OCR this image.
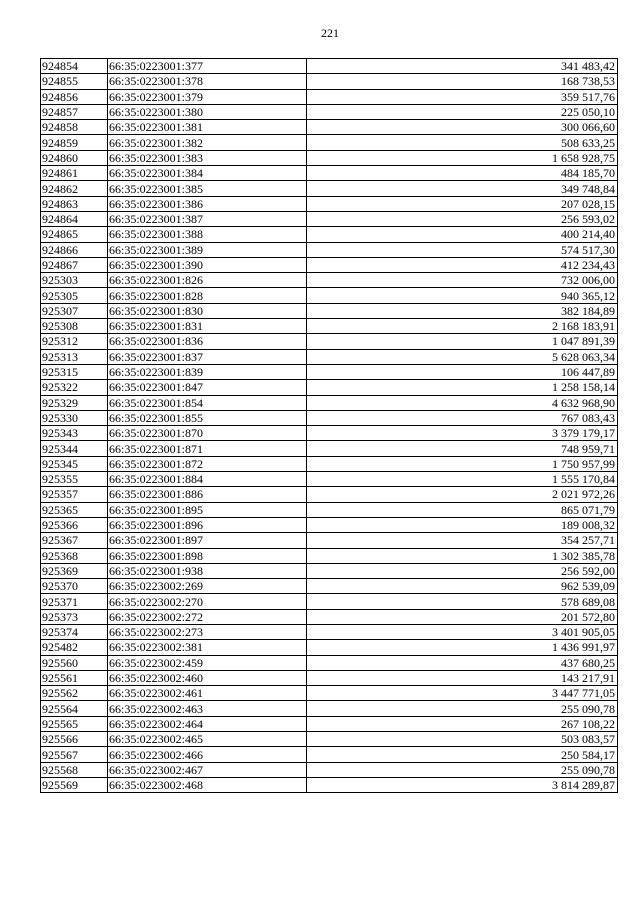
221
924854	66:35:0223001:377	341 483,42
924855	66:35:0223001:378	168 738,53
924856	66:35:0223001:379	359 517,76
924857	66:35:0223001:380	225 050,10
924858	66:35:0223001:381	300 066,60
924859	66:35:0223001:382	508 633,25
924860	66:35:0223001:383	1 658 928,75
924861	66:35:0223001:384	484 185,70
924862	66:35:0223001:385	349 748,84
924863	66:35:0223001:386	207 028,15
924864	66:35:0223001:387	256 593,02
924865	66:35:0223001:388	400 214,40
924866	66:35:0223001:389	574 517,30
924867	66:35:0223001:390	412 234,43
925303	66:35:0223001:826	732 006,00
925305	66:35:0223001:828	940 365,12
925307	66:35:0223001:830	382 184,89
925308	66:35:0223001:831	2 168 183,91
925312	66:35:0223001:836	1 047 891,39
925313	66:35:0223001:837	5 628 063,34
925315	66:35:0223001:839	106 447,89
925322	66:35:0223001:847	1 258 158,14
925329	66:35:0223001:854	4 632 968,90
925330	66:35:0223001:855	767 083,43
925343	66:35:0223001:870	3 379 179,17
925344	66:35:0223001:871	748 959,71
925345	66:35:0223001:872	1 750 957,99
925355	66:35:0223001:884	1 555 170,84
925357	66:35:0223001:886	2 021 972,26
925365	66:35:0223001:895	865 071,79
925366	66:35:0223001:896	189 008,32
925367	66:35:0223001:897	354 257,71
925368	66:35:0223001:898	1 302 385,78
925369	66:35:0223001:938	256 592,00
925370	66:35:0223002:269	962 539,09
925371	66:35:0223002:270	578 689,08
925373	66:35:0223002:272	201 572,80
925374	66:35:0223002:273	3 401 905,05
925482	66:35:0223002:381	1 436 991,97
925560	66:35:0223002:459	437 680,25
925561	66:35:0223002:460	143 217,91
925562	66:35:0223002:461	3 447 771,05
925564	66:35:0223002:463	255 090,78
925565	66:35:0223002:464	267 108,22
925566	66:35:0223002:465	503 083,57
925567	66:35:0223002:466	250 584,17
925568	66:35:0223002:467	255 090,78
925569	66:35:0223002:468	3 814 289,87
